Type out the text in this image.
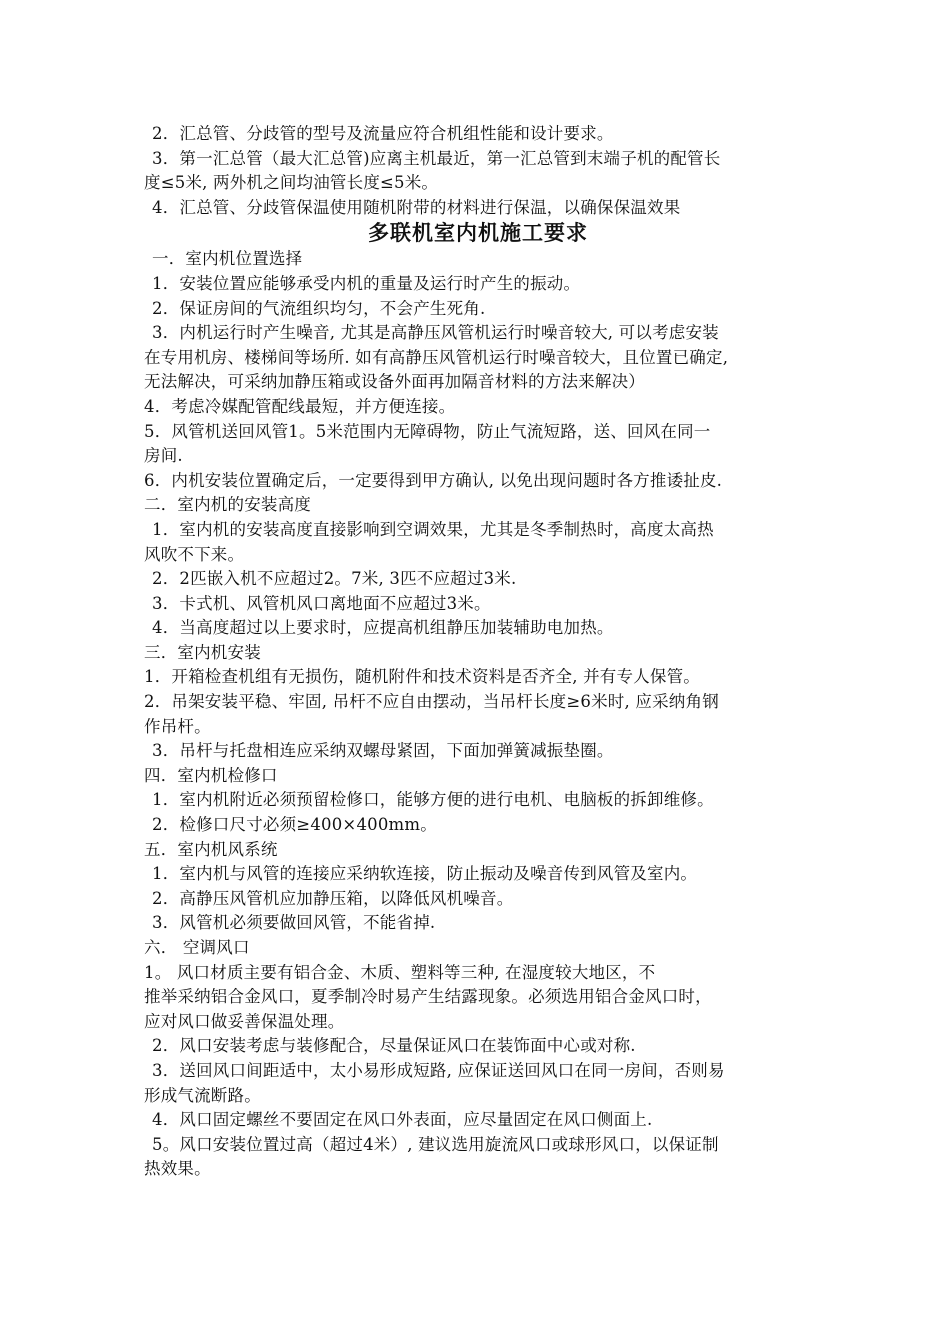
2．汇总管、分歧管的型号及流量应符合机组性能和设计要求。
3．第一汇总管（最大汇总管)应离主机最近，第一汇总管到末端子机的配管长
度≤5米, 两外机之间均油管长度≤5米。
4．汇总管、分歧管保温使用随机附带的材料进行保温，以确保保温效果
多联机室内机施工要求
一．室内机位置选择
1．安装位置应能够承受内机的重量及运行时产生的振动。
2．保证房间的气流组织均匀，不会产生死角.
3．内机运行时产生噪音, 尤其是高静压风管机运行时噪音较大, 可以考虑安装
在专用机房、楼梯间等场所. 如有高静压风管机运行时噪音较大，且位置已确定,
无法解决，可采纳加静压箱或设备外面再加隔音材料的方法来解决）
4．考虑冷媒配管配线最短，并方便连接。
5．风管机送回风管1。5米范围内无障碍物，防止气流短路，送、回风在同一
房间.
6．内机安装位置确定后，一定要得到甲方确认, 以免出现问题时各方推诿扯皮.
二．室内机的安装高度
1．室内机的安装高度直接影响到空调效果，尤其是冬季制热时，高度太高热
风吹不下来。
2．2匹嵌入机不应超过2。7米, 3匹不应超过3米.
3．卡式机、风管机风口离地面不应超过3米。
4．当高度超过以上要求时，应提高机组静压加装辅助电加热。
三．室内机安装
1．开箱检查机组有无损伤，随机附件和技术资料是否齐全, 并有专人保管。
2．吊架安装平稳、牢固, 吊杆不应自由摆动，当吊杆长度≥6米时, 应采纳角钢
作吊杆。
3．吊杆与托盘相连应采纳双螺母紧固，下面加弹簧减振垫圈。
四．室内机检修口
1．室内机附近必须预留检修口，能够方便的进行电机、电脑板的拆卸维修。
2．检修口尺寸必须≥400×400mm。
五．室内机风系统
1．室内机与风管的连接应采纳软连接，防止振动及噪音传到风管及室内。
2．高静压风管机应加静压箱，以降低风机噪音。
3．风管机必须要做回风管，不能省掉.
六． 空调风口
1。 风口材质主要有铝合金、木质、塑料等三种, 在湿度较大地区，不
推举采纳铝合金风口，夏季制冷时易产生结露现象。必须选用铝合金风口时，
应对风口做妥善保温处理。
2．风口安装考虑与装修配合，尽量保证风口在装饰面中心或对称.
3．送回风口间距适中，太小易形成短路, 应保证送回风口在同一房间，否则易
形成气流断路。
4．风口固定螺丝不要固定在风口外表面，应尽量固定在风口侧面上.
5。风口安装位置过高（超过4米）, 建议选用旋流风口或球形风口，以保证制
热效果。
